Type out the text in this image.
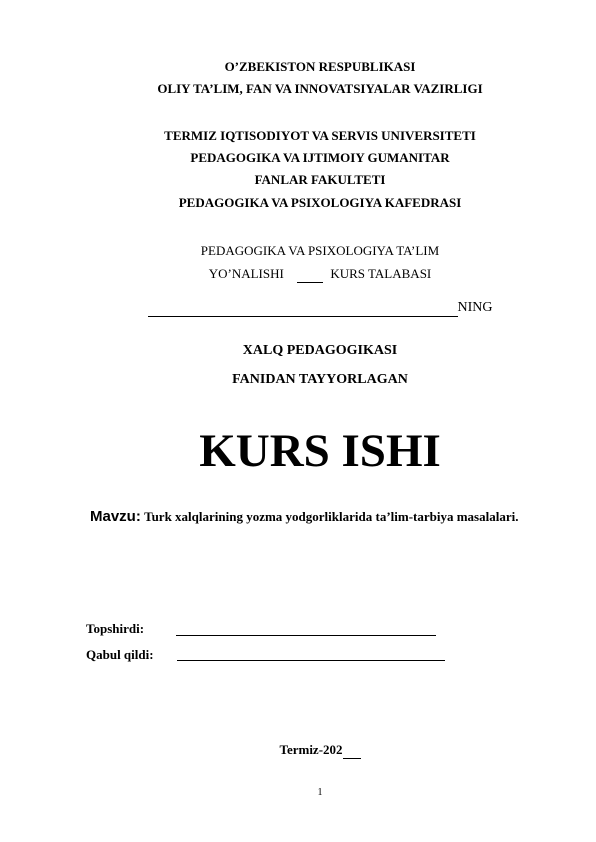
O’ZBEKISTON RESPUBLIKASI
OLIY TA’LIM, FAN VA INNOVATSIYALAR VAZIRLIGI
TERMIZ IQTISODIYOT VA SERVIS UNIVERSITETI
PEDAGOGIKA VA IJTIMOIY GUMANITAR
FANLAR FAKULTETI
PEDAGOGIKA VA PSIXOLOGIYA KAFEDRASI
PEDAGOGIKA VA PSIXOLOGIYA TA’LIM
YO’NALISHI	KURS TALABASI
NING
XALQ PEDAGOGIKASI
FANIDAN TAYYORLAGAN
KURS ISHI
Mavzu: Turk xalqlarining yozma yodgorliklarida ta’lim-tarbiya masalalari.
Topshirdi:
Qabul qildi:
Termiz-202
1
